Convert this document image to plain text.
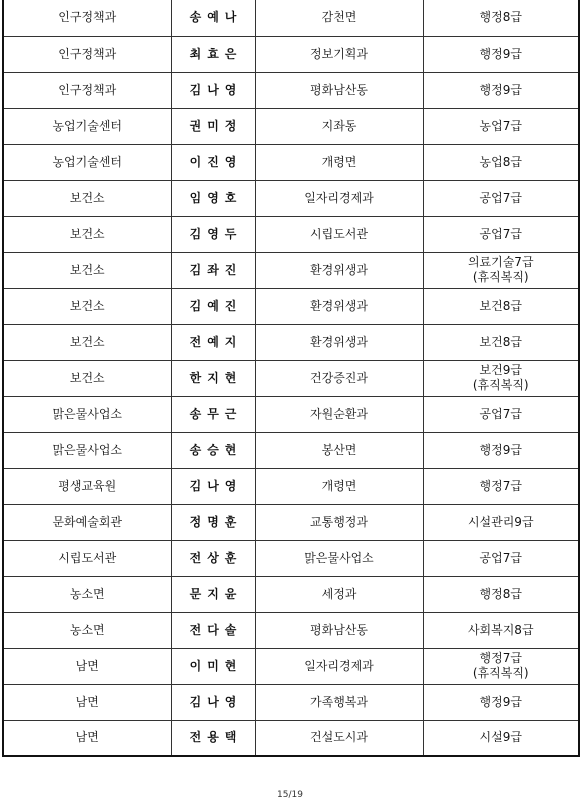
인구정책과	송예나	감천면	행정8급

인구정책과	최효은	정보기획과	행정9급

인구정책과	김나영	평화남산동	행정9급

농업기술센터	권미정	지좌동	농업7급

농업기술센터	이진영	개령면	농업8급

보건소	임영호	일자리경제과	공업7급

보건소	김영두	시립도서관	공업7급

보건소	김좌진	환경위생과	의료기술7급
(휴직복직)

보건소	김예진	환경위생과	보건8급

보건소	전예지	환경위생과	보건8급

보건소	한지현	건강증진과	보건9급
(휴직복직)

맑은물사업소	송무근	자원순환과	공업7급

맑은물사업소	송승현	봉산면	행정9급

평생교육원	김나영	개령면	행정7급

문화예술회관	정명훈	교통행정과	시설관리9급

시립도서관	전상훈	맑은물사업소	공업7급

농소면	문지윤	세정과	행정8급

농소면	전다솔	평화남산동	사회복지8급

남면	이미현	일자리경제과	행정7급
(휴직복직)

남면	김나영	가족행복과	행정9급

남면	전용택	건설도시과	시설9급
15/19
